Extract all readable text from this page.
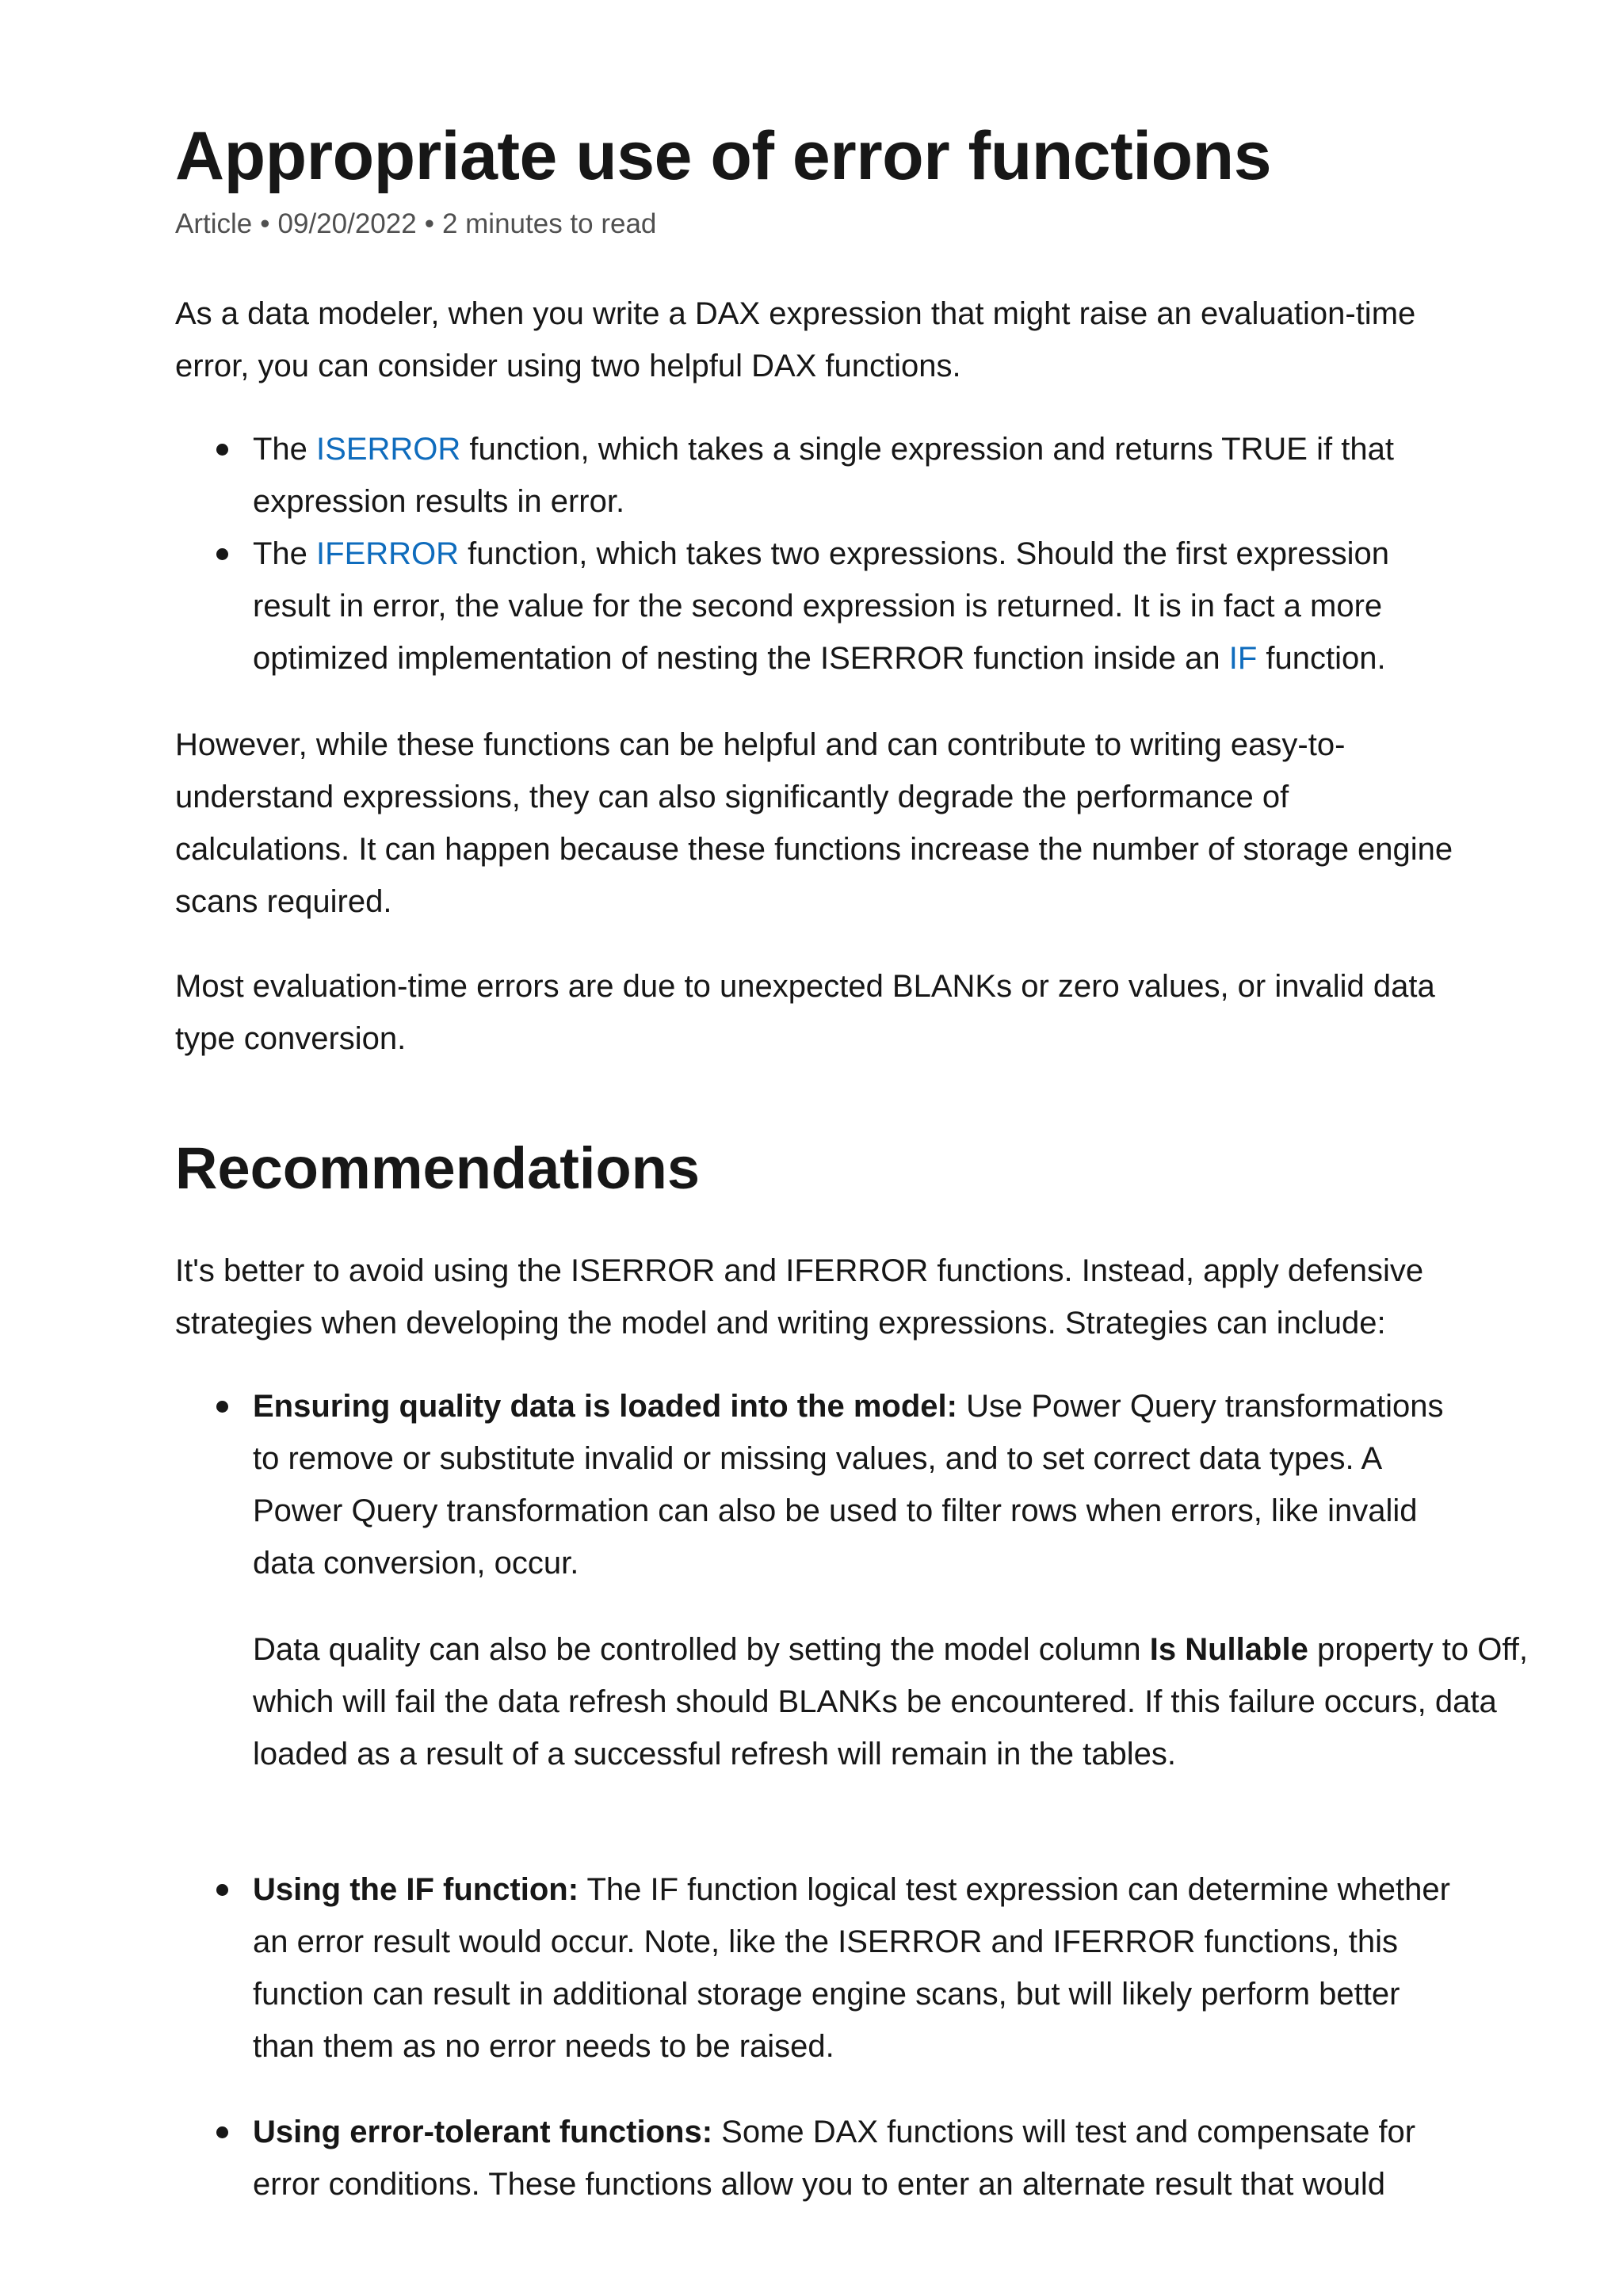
Appropriate use of error functions
Article • 09/20/2022 • 2 minutes to read

As a data modeler, when you write a DAX expression that might raise an evaluation-time error, you can consider using two helpful DAX functions.

The ISERROR function, which takes a single expression and returns TRUE if that expression results in error.
The IFERROR function, which takes two expressions. Should the first expression result in error, the value for the second expression is returned. It is in fact a more optimized implementation of nesting the ISERROR function inside an IF function.

However, while these functions can be helpful and can contribute to writing easy-to-understand expressions, they can also significantly degrade the performance of calculations. It can happen because these functions increase the number of storage engine scans required.

Most evaluation-time errors are due to unexpected BLANKs or zero values, or invalid data type conversion.

Recommendations

It's better to avoid using the ISERROR and IFERROR functions. Instead, apply defensive strategies when developing the model and writing expressions. Strategies can include:

Ensuring quality data is loaded into the model: Use Power Query transformations to remove or substitute invalid or missing values, and to set correct data types. A Power Query transformation can also be used to filter rows when errors, like invalid data conversion, occur.

Data quality can also be controlled by setting the model column Is Nullable property to Off, which will fail the data refresh should BLANKs be encountered. If this failure occurs, data loaded as a result of a successful refresh will remain in the tables.

Using the IF function: The IF function logical test expression can determine whether an error result would occur. Note, like the ISERROR and IFERROR functions, this function can result in additional storage engine scans, but will likely perform better than them as no error needs to be raised.
Using error-tolerant functions: Some DAX functions will test and compensate for error conditions. These functions allow you to enter an alternate result that would
